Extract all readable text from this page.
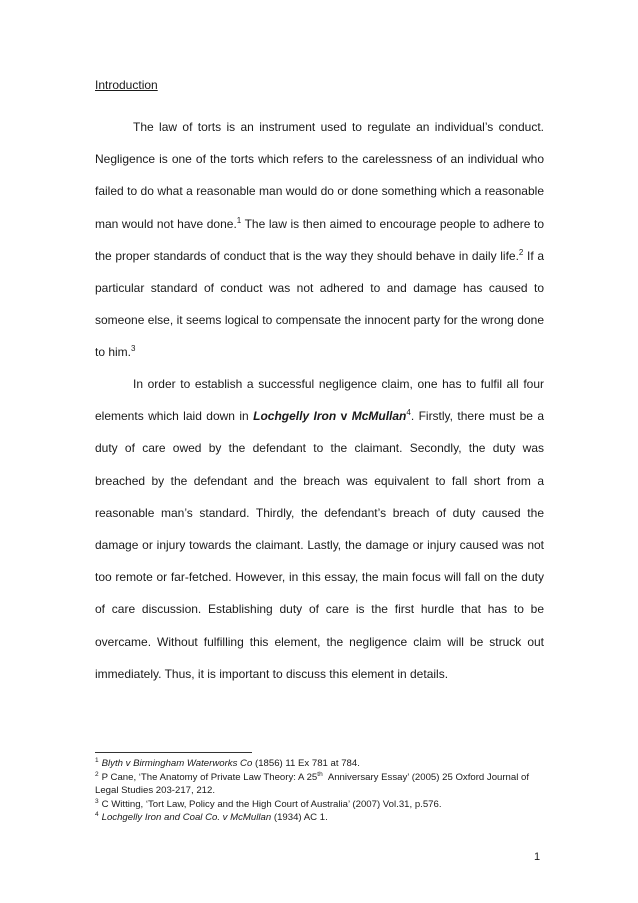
Introduction

The law of torts is an instrument used to regulate an individual’s conduct. Negligence is one of the torts which refers to the carelessness of an individual who failed to do what a reasonable man would do or done something which a reasonable man would not have done.$^1$ The law is then aimed to encourage people to adhere to the proper standards of conduct that is the way they should behave in daily life.$^2$ If a particular standard of conduct was not adhered to and damage has caused to someone else, it seems logical to compensate the innocent party for the wrong done to him.$^3$

In order to establish a successful negligence claim, one has to fulfil all four elements which laid down in Lochgelly Iron v McMullan$^4$. Firstly, there must be a duty of care owed by the defendant to the claimant. Secondly, the duty was breached by the defendant and the breach was equivalent to fall short from a reasonable man’s standard. Thirdly, the defendant’s breach of duty caused the damage or injury towards the claimant. Lastly, the damage or injury caused was not too remote or far-fetched. However, in this essay, the main focus will fall on the duty of care discussion. Establishing duty of care is the first hurdle that has to be overcame. Without fulfilling this element, the negligence claim will be struck out immediately. Thus, it is important to discuss this element in details.

$^1$ Blyth v Birmingham Waterworks Co (1856) 11 Ex 781 at 784.
$^2$ P Cane, ‘The Anatomy of Private Law Theory: A 25th Anniversary Essay’ (2005) 25 Oxford Journal of Legal Studies 203-217, 212.
$^3$ C Witting, ‘Tort Law, Policy and the High Court of Australia’ (2007) Vol.31, p.576.
$^4$ Lochgelly Iron and Coal Co. v McMullan (1934) AC 1.
1
